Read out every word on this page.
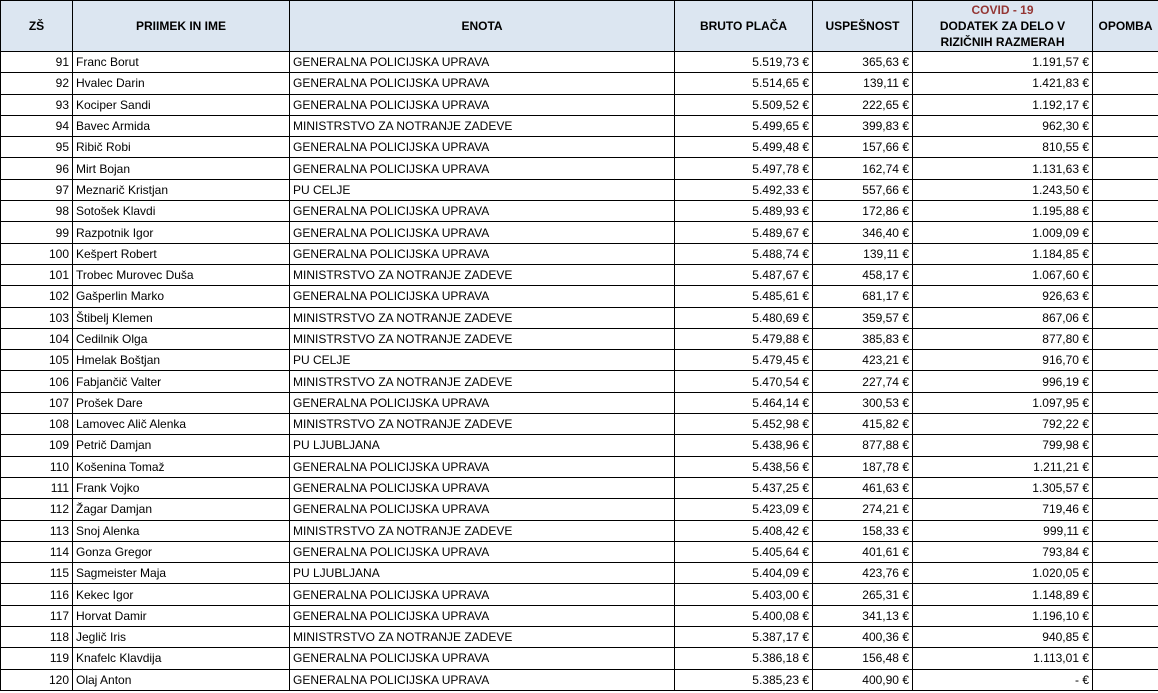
ZŠ	PRIIMEK IN IME	ENOTA	BRUTO PLAČA	USPEŠNOST	COVID - 19
DODATEK ZA DELO V
RIZIČNIH RAZMERAH	OPOMBA
91	Franc Borut	GENERALNA POLICIJSKA UPRAVA	5.519,73 €	365,63 €	1.191,57 €	
92	Hvalec Darin	GENERALNA POLICIJSKA UPRAVA	5.514,65 €	139,11 €	1.421,83 €	
93	Kociper Sandi	GENERALNA POLICIJSKA UPRAVA	5.509,52 €	222,65 €	1.192,17 €	
94	Bavec Armida	MINISTRSTVO ZA NOTRANJE ZADEVE	5.499,65 €	399,83 €	962,30 €	
95	Ribič Robi	GENERALNA POLICIJSKA UPRAVA	5.499,48 €	157,66 €	810,55 €	
96	Mirt Bojan	GENERALNA POLICIJSKA UPRAVA	5.497,78 €	162,74 €	1.131,63 €	
97	Meznarič Kristjan	PU CELJE	5.492,33 €	557,66 €	1.243,50 €	
98	Sotošek Klavdi	GENERALNA POLICIJSKA UPRAVA	5.489,93 €	172,86 €	1.195,88 €	
99	Razpotnik Igor	GENERALNA POLICIJSKA UPRAVA	5.489,67 €	346,40 €	1.009,09 €	
100	Kešpert Robert	GENERALNA POLICIJSKA UPRAVA	5.488,74 €	139,11 €	1.184,85 €	
101	Trobec Murovec Duša	MINISTRSTVO ZA NOTRANJE ZADEVE	5.487,67 €	458,17 €	1.067,60 €	
102	Gašperlin Marko	GENERALNA POLICIJSKA UPRAVA	5.485,61 €	681,17 €	926,63 €	
103	Štibelj Klemen	MINISTRSTVO ZA NOTRANJE ZADEVE	5.480,69 €	359,57 €	867,06 €	
104	Cedilnik Olga	MINISTRSTVO ZA NOTRANJE ZADEVE	5.479,88 €	385,83 €	877,80 €	
105	Hmelak Boštjan	PU CELJE	5.479,45 €	423,21 €	916,70 €	
106	Fabjančič Valter	MINISTRSTVO ZA NOTRANJE ZADEVE	5.470,54 €	227,74 €	996,19 €	
107	Prošek Dare	GENERALNA POLICIJSKA UPRAVA	5.464,14 €	300,53 €	1.097,95 €	
108	Lamovec Alič Alenka	MINISTRSTVO ZA NOTRANJE ZADEVE	5.452,98 €	415,82 €	792,22 €	
109	Petrič Damjan	PU LJUBLJANA	5.438,96 €	877,88 €	799,98 €	
110	Košenina Tomaž	GENERALNA POLICIJSKA UPRAVA	5.438,56 €	187,78 €	1.211,21 €	
111	Frank Vojko	GENERALNA POLICIJSKA UPRAVA	5.437,25 €	461,63 €	1.305,57 €	
112	Žagar Damjan	GENERALNA POLICIJSKA UPRAVA	5.423,09 €	274,21 €	719,46 €	
113	Snoj Alenka	MINISTRSTVO ZA NOTRANJE ZADEVE	5.408,42 €	158,33 €	999,11 €	
114	Gonza Gregor	GENERALNA POLICIJSKA UPRAVA	5.405,64 €	401,61 €	793,84 €	
115	Sagmeister Maja	PU LJUBLJANA	5.404,09 €	423,76 €	1.020,05 €	
116	Kekec Igor	GENERALNA POLICIJSKA UPRAVA	5.403,00 €	265,31 €	1.148,89 €	
117	Horvat Damir	GENERALNA POLICIJSKA UPRAVA	5.400,08 €	341,13 €	1.196,10 €	
118	Jeglič Iris	MINISTRSTVO ZA NOTRANJE ZADEVE	5.387,17 €	400,36 €	940,85 €	
119	Knafelc Klavdija	GENERALNA POLICIJSKA UPRAVA	5.386,18 €	156,48 €	1.113,01 €	
120	Olaj Anton	GENERALNA POLICIJSKA UPRAVA	5.385,23 €	400,90 €	- €	
